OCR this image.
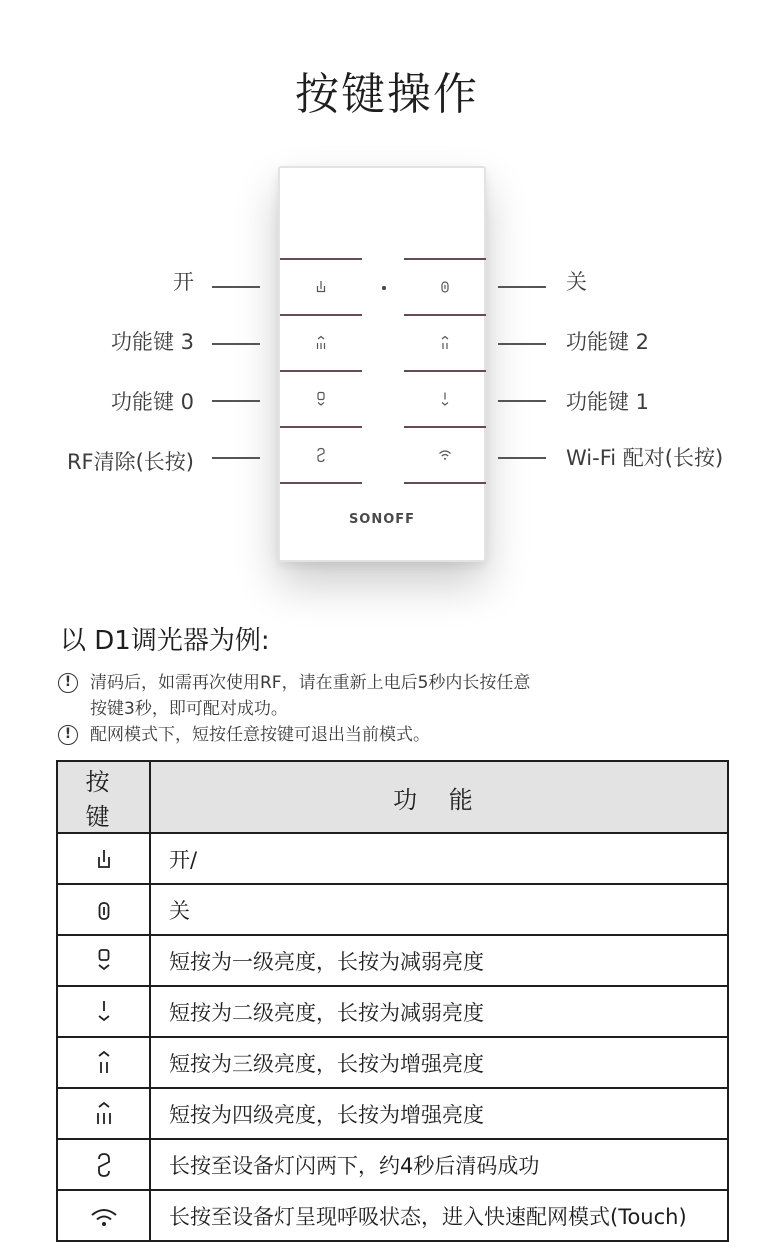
按键操作
SONOFF
开
功能键 3
功能键 0
RF清除(长按)
关
功能键 2
功能键 1
Wi-Fi 配对(长按)
以 D1调光器为例:
!	清码后，如需再次使用RF，请在重新上电后5秒内长按任意
按键3秒，即可配对成功。
!	配网模式下，短按任意按键可退出当前模式。
按 键	功 能
	开/
	关
	短按为一级亮度，长按为减弱亮度
	短按为二级亮度，长按为减弱亮度
	短按为三级亮度，长按为增强亮度
	短按为四级亮度，长按为增强亮度
	长按至设备灯闪两下，约4秒后清码成功
	长按至设备灯呈现呼吸状态，进入快速配网模式(Touch)
